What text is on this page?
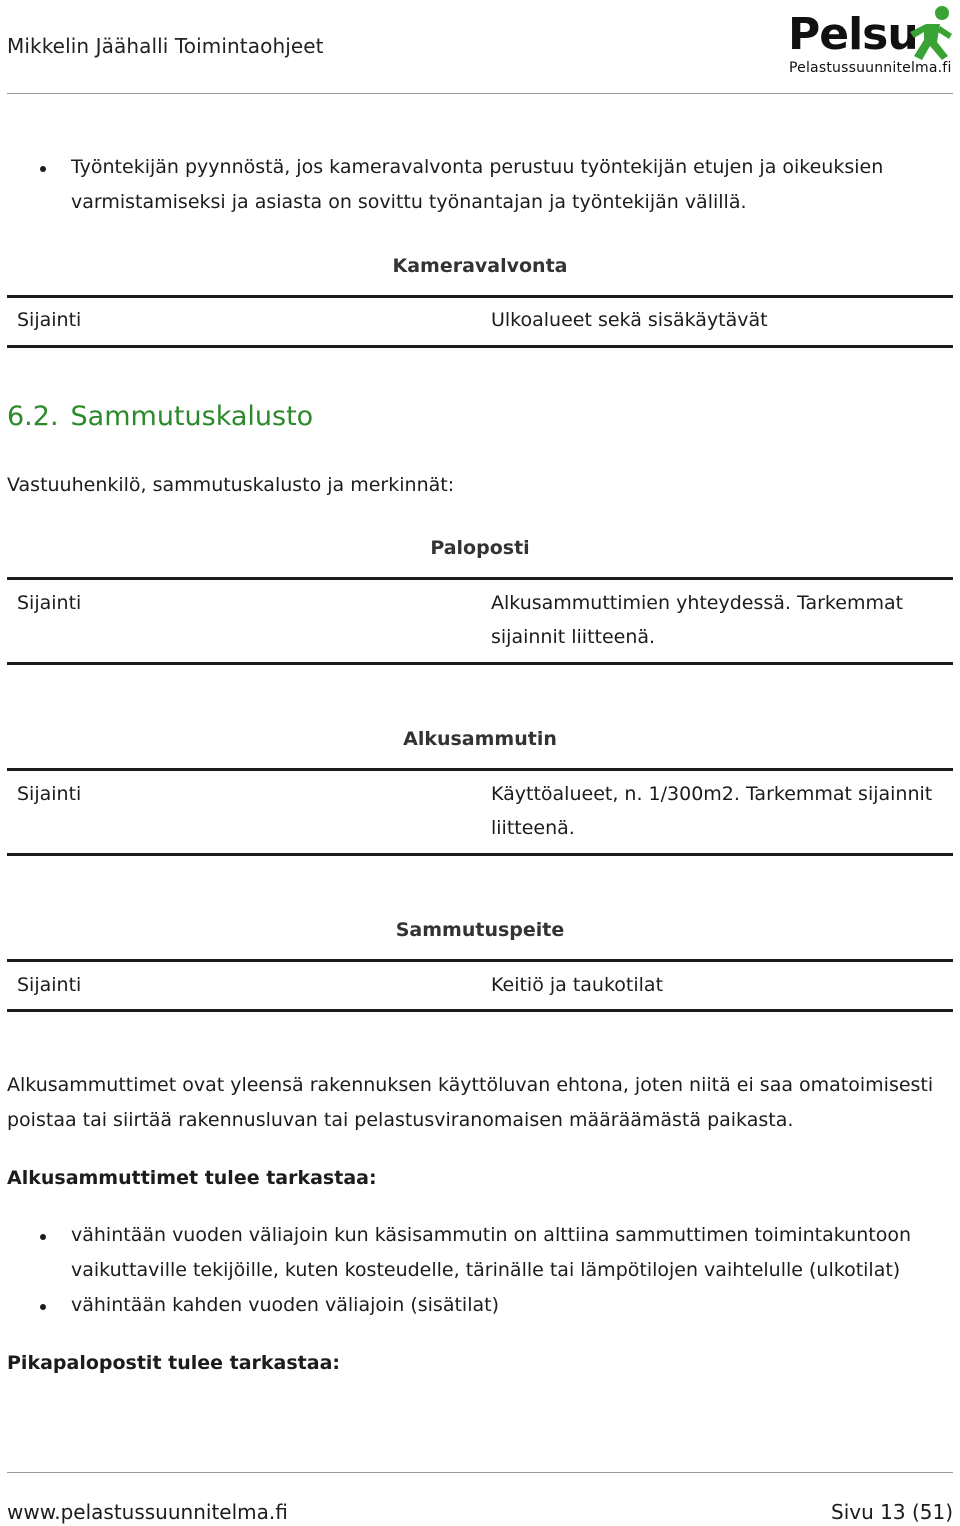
Mikkelin Jäähalli Toimintaohjeet	Pelsu
Pelastussuunnitelma.fi
Työntekijän pyynnöstä, jos kameravalvonta perustuu työntekijän etujen ja oikeuksien varmistamiseksi ja asiasta on sovittu työnantajan ja työntekijän välillä.
Kameravalvonta
Sijainti	Ulkoalueet sekä sisäkäytävät
6.2. Sammutuskalusto
Vastuuhenkilö, sammutuskalusto ja merkinnät:
Paloposti
Sijainti	Alkusammuttimien yhteydessä. Tarkemmat sijainnit liitteenä.
Alkusammutin
Sijainti	Käyttöalueet, n. 1/300m2. Tarkemmat sijainnit liitteenä.
Sammutuspeite
Sijainti	Keitiö ja taukotilat
Alkusammuttimet ovat yleensä rakennuksen käyttöluvan ehtona, joten niitä ei saa omatoimisesti poistaa tai siirtää rakennusluvan tai pelastusviranomaisen määräämästä paikasta.
Alkusammuttimet tulee tarkastaa:
vähintään vuoden väliajoin kun käsisammutin on alttiina sammuttimen toimintakuntoon vaikuttaville tekijöille, kuten kosteudelle, tärinälle tai lämpötilojen vaihtelulle (ulkotilat)
vähintään kahden vuoden väliajoin (sisätilat)
Pikapalopostit tulee tarkastaa:
www.pelastussuunnitelma.fi	Sivu 13 (51)
